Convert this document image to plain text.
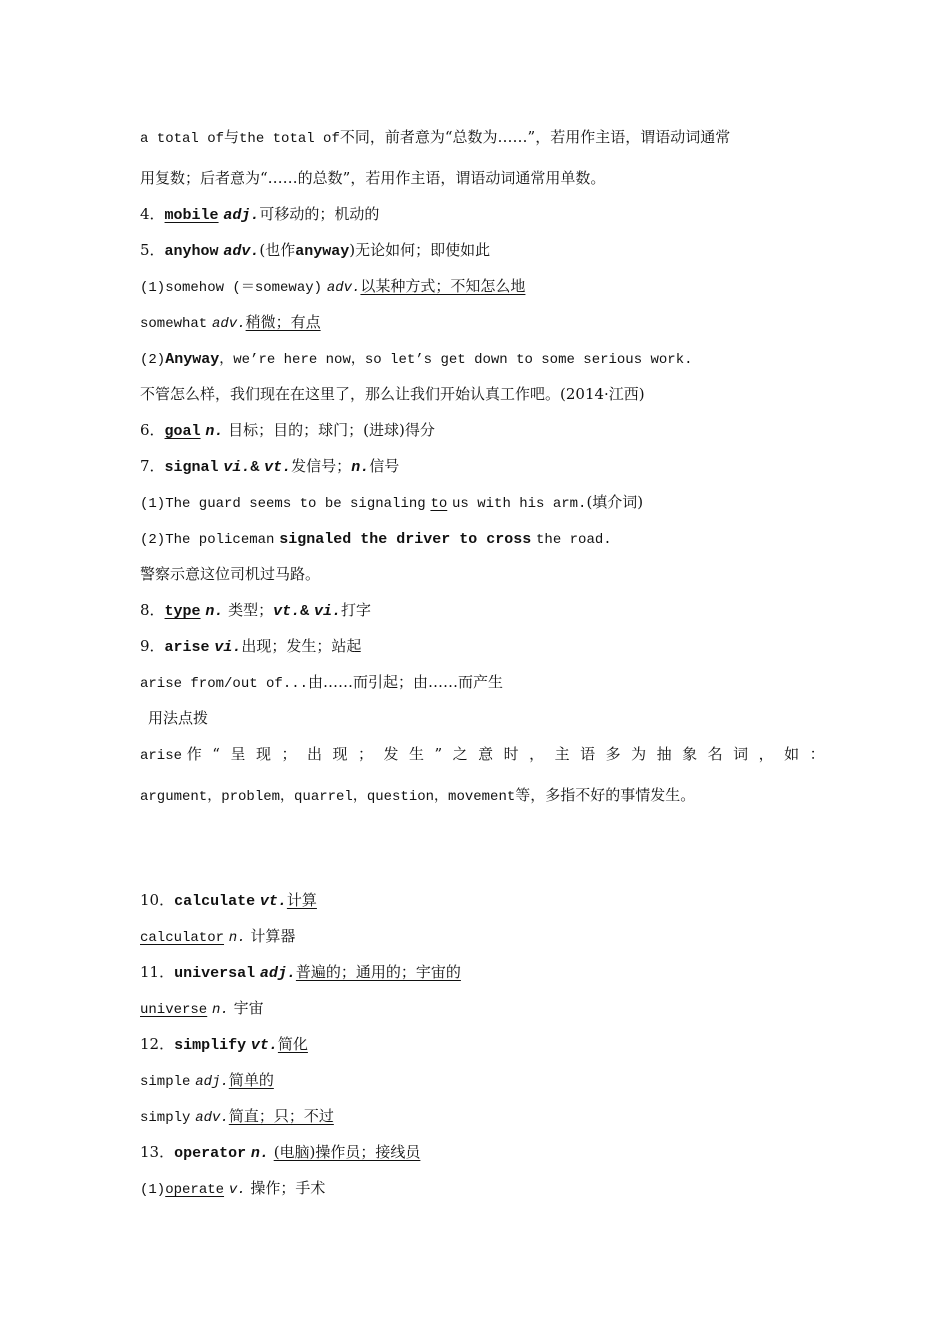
a total of与the total of不同，前者意为“总数为……”，若用作主语，谓语动词通常
用复数；后者意为“……的总数”，若用作主语，谓语动词通常用单数。
4．mobile adj.可移动的；机动的
5．anyhow adv.(也作anyway)无论如何；即使如此
(1)somehow (＝someway) adv.以某种方式；不知怎么地
somewhat adv.稍微；有点
(2)Anyway，we’re here now，so let’s get down to some serious work.
不管怎么样，我们现在在这里了，那么让我们开始认真工作吧。(2014·江西)
6．goal n. 目标；目的；球门；(进球)得分
7．signal vi.& vt.发信号；n.信号
(1)The guard seems to be signaling to us with his arm.(填介词)
(2)The policeman signaled the driver to cross the road.
警察示意这位司机过马路。
8．type n. 类型；vt.& vi.打字
9．arise vi.出现；发生；站起
arise from/out of...由……而引起；由……而产生
用法点拨
arise 作“呈现；出现；发生”之意时，主语多为抽象名词，如：
argument，problem，quarrel，question，movement等，多指不好的事情发生。
10．calculate vt.计算
calculator n. 计算器
11．universal adj.普遍的；通用的；宇宙的
universe n. 宇宙
12．simplify vt.简化
simple adj.简单的
simply adv.简直；只；不过
13．operator n. (电脑)操作员；接线员
(1)operate v. 操作；手术
